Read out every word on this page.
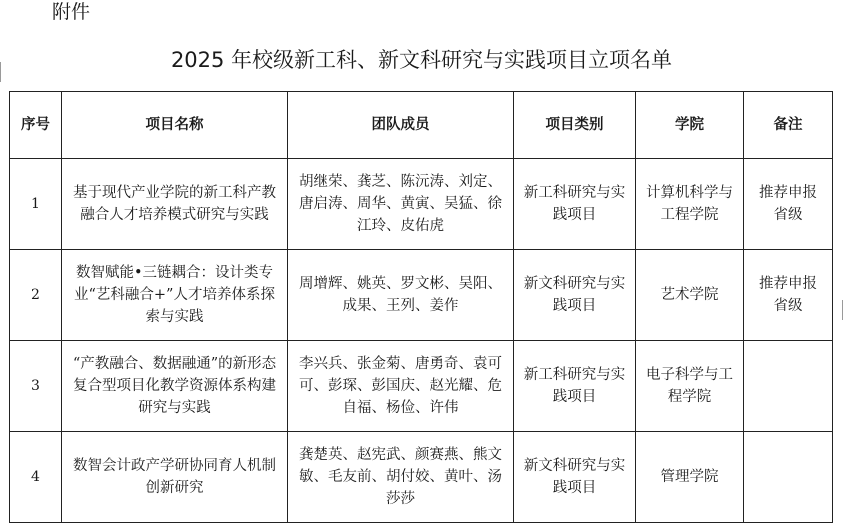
附件
2025 年校级新工科、新文科研究与实践项目立项名单
序号	项目名称	团队成员	项目类别	学院	备注
1	基于现代产业学院的新工科产教融合人才培养模式研究与实践	胡继荣、龚芝、陈沅涛、刘定、唐启涛、周华、黄寅、吴猛、徐江玲、皮佑虎	新工科研究与实践项目	计算机科学与工程学院	推荐申报省级

2	数智赋能•三链耦合：设计类专业“艺科融合+”人才培养体系探索与实践	周增辉、姚英、罗文彬、吴阳、成果、王列、姜作	新文科研究与实践项目	艺术学院	推荐申报省级

3	“产教融合、数据融通”的新形态复合型项目化教学资源体系构建研究与实践	李兴兵、张金菊、唐勇奇、袁可可、彭琛、彭国庆、赵光耀、危自福、杨俭、许伟	新工科研究与实践项目	电子科学与工程学院	

4	数智会计政产学研协同育人机制创新研究	龚楚英、赵宪武、颜赛燕、熊文敏、毛友前、胡付姣、黄叶、汤莎莎	新文科研究与实践项目	管理学院	
